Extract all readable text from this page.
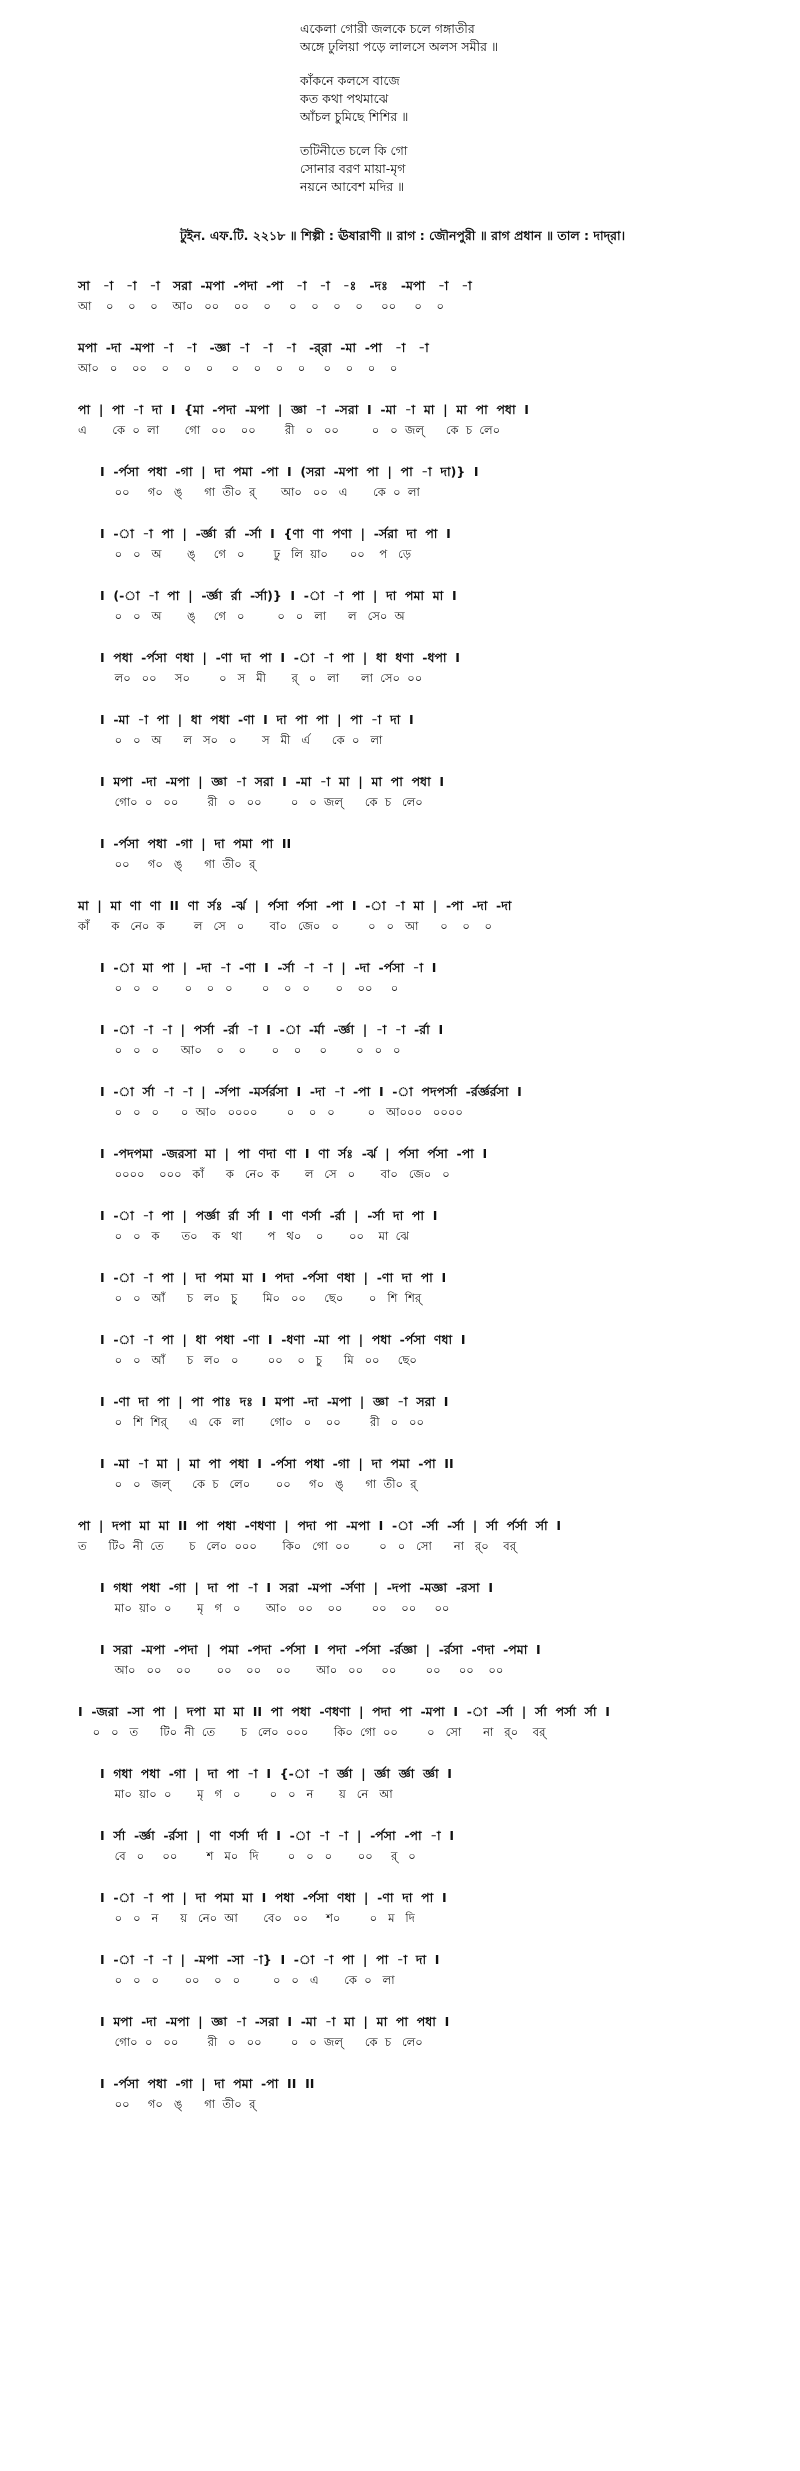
একেলা গোরী জলকে চলে গঙ্গাতীর
অঙ্গে ঢুলিয়া পড়ে লালসে অলস সমীর ॥
কাঁকনে কলসে বাজে
কত কথা পথমাঝে
আঁচল চুমিছে শিশির ॥
তটিনীতে চলে কি গো
সোনার বরণ মায়া-মৃগ
নয়নে আবেশ মদির ॥
টুইন. এফ.টি. ২২১৮ ॥ শিল্পী : ঊষারাণী ॥ রাগ : জৌনপুরী ॥ রাগ প্রধান ॥ তাল : দাদ্‌রা।
সা   -া   -া   -া   সরা  -মপা  -পদা  -পা   -া   -া   -ঃ   -দঃ   -মপা   -া   -া
আ    ০    ০    ০    আ০   ০০    ০০    ০     ০    ০    ০    ০     ০০     ০    ০
মপা  -দা  -মপা  -া   -া   -জ্ঞা  -া   -া   -া   -র্‌রা  -মা  -পা   -া   -া
আ০   ০    ০০    ০    ০    ০     ০    ০    ০    ০     ০    ০    ০    ০
পা  |  পা  -া  দা  I  {মা  -পদা  -মপা  |  জ্ঞা  -া  -সরা  I  -মা  -া  মা  |  মা  পা  পধা  I
এ       কে  ০  লা       গো   ০০    ০০        রী   ০   ০০         ০   ০  জল্      কে  চ  লে০
I  -র্পসা  পধা  -গা  |  দা  পমা  -পা  I  (সরা  -মপা  পা  |  পা  -া  দা)}  I
০০     গ০   ঙ্      গা  তী০  র্       আ০   ০০   এ       কে  ০  লা
I  -া  -া  পা  |  -র্জ্ঞা  র্রা  -র্সা  I  {ণা  ণা  পণা  |  -র্সরা  দা  পা  I
০   ০   অ       ঙ্     গে   ০        ঢু   লি  য়া০      ০০    প   ড়ে
I  (-া  -া  পা  |  -র্জ্ঞা  র্রা  -র্সা)}  I  -া  -া  পা  |  দা  পমা  মা  I
০   ০   অ       ঙ্     গে   ০         ০   ০   লা      ল   সে০  অ
I  পধা  -র্পসা  ণধা  |  -ণা  দা  পা  I  -া  -া  পা  |  ধা  ধণা  -ধপা  I
ল০   ০০     স০        ০   স   মী       র্   ০   লা      লা  সে০  ০০
I  -মা  -া  পা  |  ধা  পধা  -ণা  I  দা  পা  পা  |  পা  -া  দা  I
০   ০   অ      ল   স০   ০       স   মী   র্এ      কে  ০   লা
I  মপা  -দা  -মপা  |  জ্ঞা  -া  সরা  I  -মা  -া  মা  |  মা  পা  পধা  I
গো০  ০   ০০        রী   ০   ০০        ০   ০  জল্      কে  চ   লে০
I  -র্পসা  পধা  -গা  |  দা  পমা  পা  II
০০     গ০   ঙ্      গা  তী০  র্
মা  |  মা  ণা  ণা  II  ণা  র্সঃ  -র্ঝ  |  র্পসা  র্পসা  -পা  I  -া  -া  মা  |  -পা  -দা  -দা
কাঁ      ক   নে০  ক        ল   সে   ০       বা০   জে০   ০        ০   ০   আ      ০    ০    ০
I  -া  মা  পা  |  -দা  -া  -ণা  I  -র্সা  -া  -া  |  -দা  -র্পসা  -া  I
০   ০   ০       ০    ০   ০        ০    ০   ০       ০    ০০     ০
I  -া  -া  -া  |  পর্সা  -র্রা  -া  I  -া  -র্মা  -র্জ্ঞা  |  -া  -া  -র্রা  I
০   ০   ০      আ০    ০    ০       ০    ০     ০        ০   ০   ০
I  -া  র্সা  -া  -া  |  -র্সপা  -মর্সর্রসা  I  -দা  -া  -পা  I  -া  পদপর্সা  -র্রর্জ্ঞর্রসা  I
০   ০   ০      ০  আ০   ০০০০        ০    ০   ০         ০   আ০০০   ০০০০
I  -পদপমা  -জরসা  মা  |  পা  ণদা  ণা  I  ণা  র্সঃ  -র্ঝ  |  র্পসা  র্পসা  -পা  I
০০০০    ০০০   কাঁ      ক   নে০  ক       ল   সে   ০       বা০   জে০   ০
I  -া  -া  পা  |  পর্জ্ঞা  র্রা  র্সা  I  ণা  ণর্সা  -র্রা  |  -র্সা  দা  পা  I
০   ০   ক      ত০    ক   থা       প   থ০    ০       ০০    মা  ঝে
I  -া  -া  পা  |  দা  পমা  মা  I  পদা  -র্পসা  ণধা  |  -ণা  দা  পা  I
০   ০   আঁ      চ   ল০   চু       মি০   ০০     ছে০       ০   শি  শির্
I  -া  -া  পা  |  ধা  পধা  -ণা  I  -ধণা  -মা  পা  |  পধা  -র্পসা  ণধা  I
০   ০   আঁ      চ   ল০   ০        ০০    ০   চু      মি   ০০     ছে০
I  -ণা  দা  পা  |  পা  পাঃ  দঃ  I  মপা  -দা  -মপা  |  জ্ঞা  -া  সরা  I
০   শি  শির্      এ   কে   লা       গো০   ০    ০০        রী   ০   ০০
I  -মা  -া  মা  |  মা  পা  পধা  I  -র্পসা  পধা  -গা  |  দা  পমা  -পা  II
০   ০   জল্      কে  চ   লে০       ০০     গ০   ঙ্      গা  তী০  র্
পা  |  দপা  মা  মা  II  পা  পধা  -ণধণা  |  পদা  পা  -মপা  I  -া  -র্সা  -র্সা  |  র্সা  র্পর্সা  র্সা  I
ত      টি০  নী  তে       চ   লে০  ০০০       কি০   গো  ০০        ০   ০   সো      না   র্০    বর্
I  গধা  পধা  -গা  |  দা  পা  -া  I  সরা  -মপা  -র্সণা  |  -দপা  -মজ্ঞা  -রসা  I
মা০  য়া০  ০       মৃ   গ   ০       আ০   ০০    ০০        ০০    ০০     ০০
I  সরা  -মপা  -পদা  |  পমা  -পদা  -র্পসা  I  পদা  -র্পসা  -র্রজ্ঞা  |  -র্রসা  -ণদা  -পমা  I
আ০   ০০    ০০       ০০    ০০    ০০       আ০   ০০     ০০        ০০     ০০    ০০
I  -জরা  -সা  পা  |  দপা  মা  মা  II  পা  পধা  -ণধণা  |  পদা  পা  -মপা  I  -া  -র্সা  |  র্সা  পর্সা  র্সা  I
০   ০   ত      টি০  নী  তে       চ   লে০  ০০০       কি০  গো  ০০        ০   সো      না   র্০    বর্
I  গধা  পধা  -গা  |  দা  পা  -া  I  {-া  -া  র্জ্ঞা  |  র্জ্ঞা  র্জ্ঞা  র্জ্ঞা  I
মা০  য়া০  ০       মৃ   গ   ০        ০   ০   ন       য়   নে   আ
I  র্সা  -র্জ্ঞা  -র্রসা  |  ণা  ণর্সা  র্দা  I  -া  -া  -া  |  -র্পসা  -পা  -া  I
বে   ০     ০০        শ   ম০   দি        ০   ০   ০       ০০     র্   ০
I  -া  -া  পা  |  দা  পমা  মা  I  পধা  -র্পসা  ণধা  |  -ণা  দা  পা  I
০   ০   ন      য়   নে০  আ       বে০   ০০     শ০        ০   ম   দি
I  -া  -া  -া  |  -মপা  -সা  -া}  I  -া  -া  পা  |  পা  -া  দা  I
০   ০   ০       ০০    ০   ০         ০   ০   এ       কে  ০   লা
I  মপা  -দা  -মপা  |  জ্ঞা  -া  -সরা  I  -মা  -া  মা  |  মা  পা  পধা  I
গো০  ০   ০০        রী   ০   ০০        ০   ০  জল্      কে  চ   লে০
I  -র্পসা  পধা  -গা  |  দা  পমা  -পা  II  II
০০     গ০   ঙ্      গা  তী০  র্
